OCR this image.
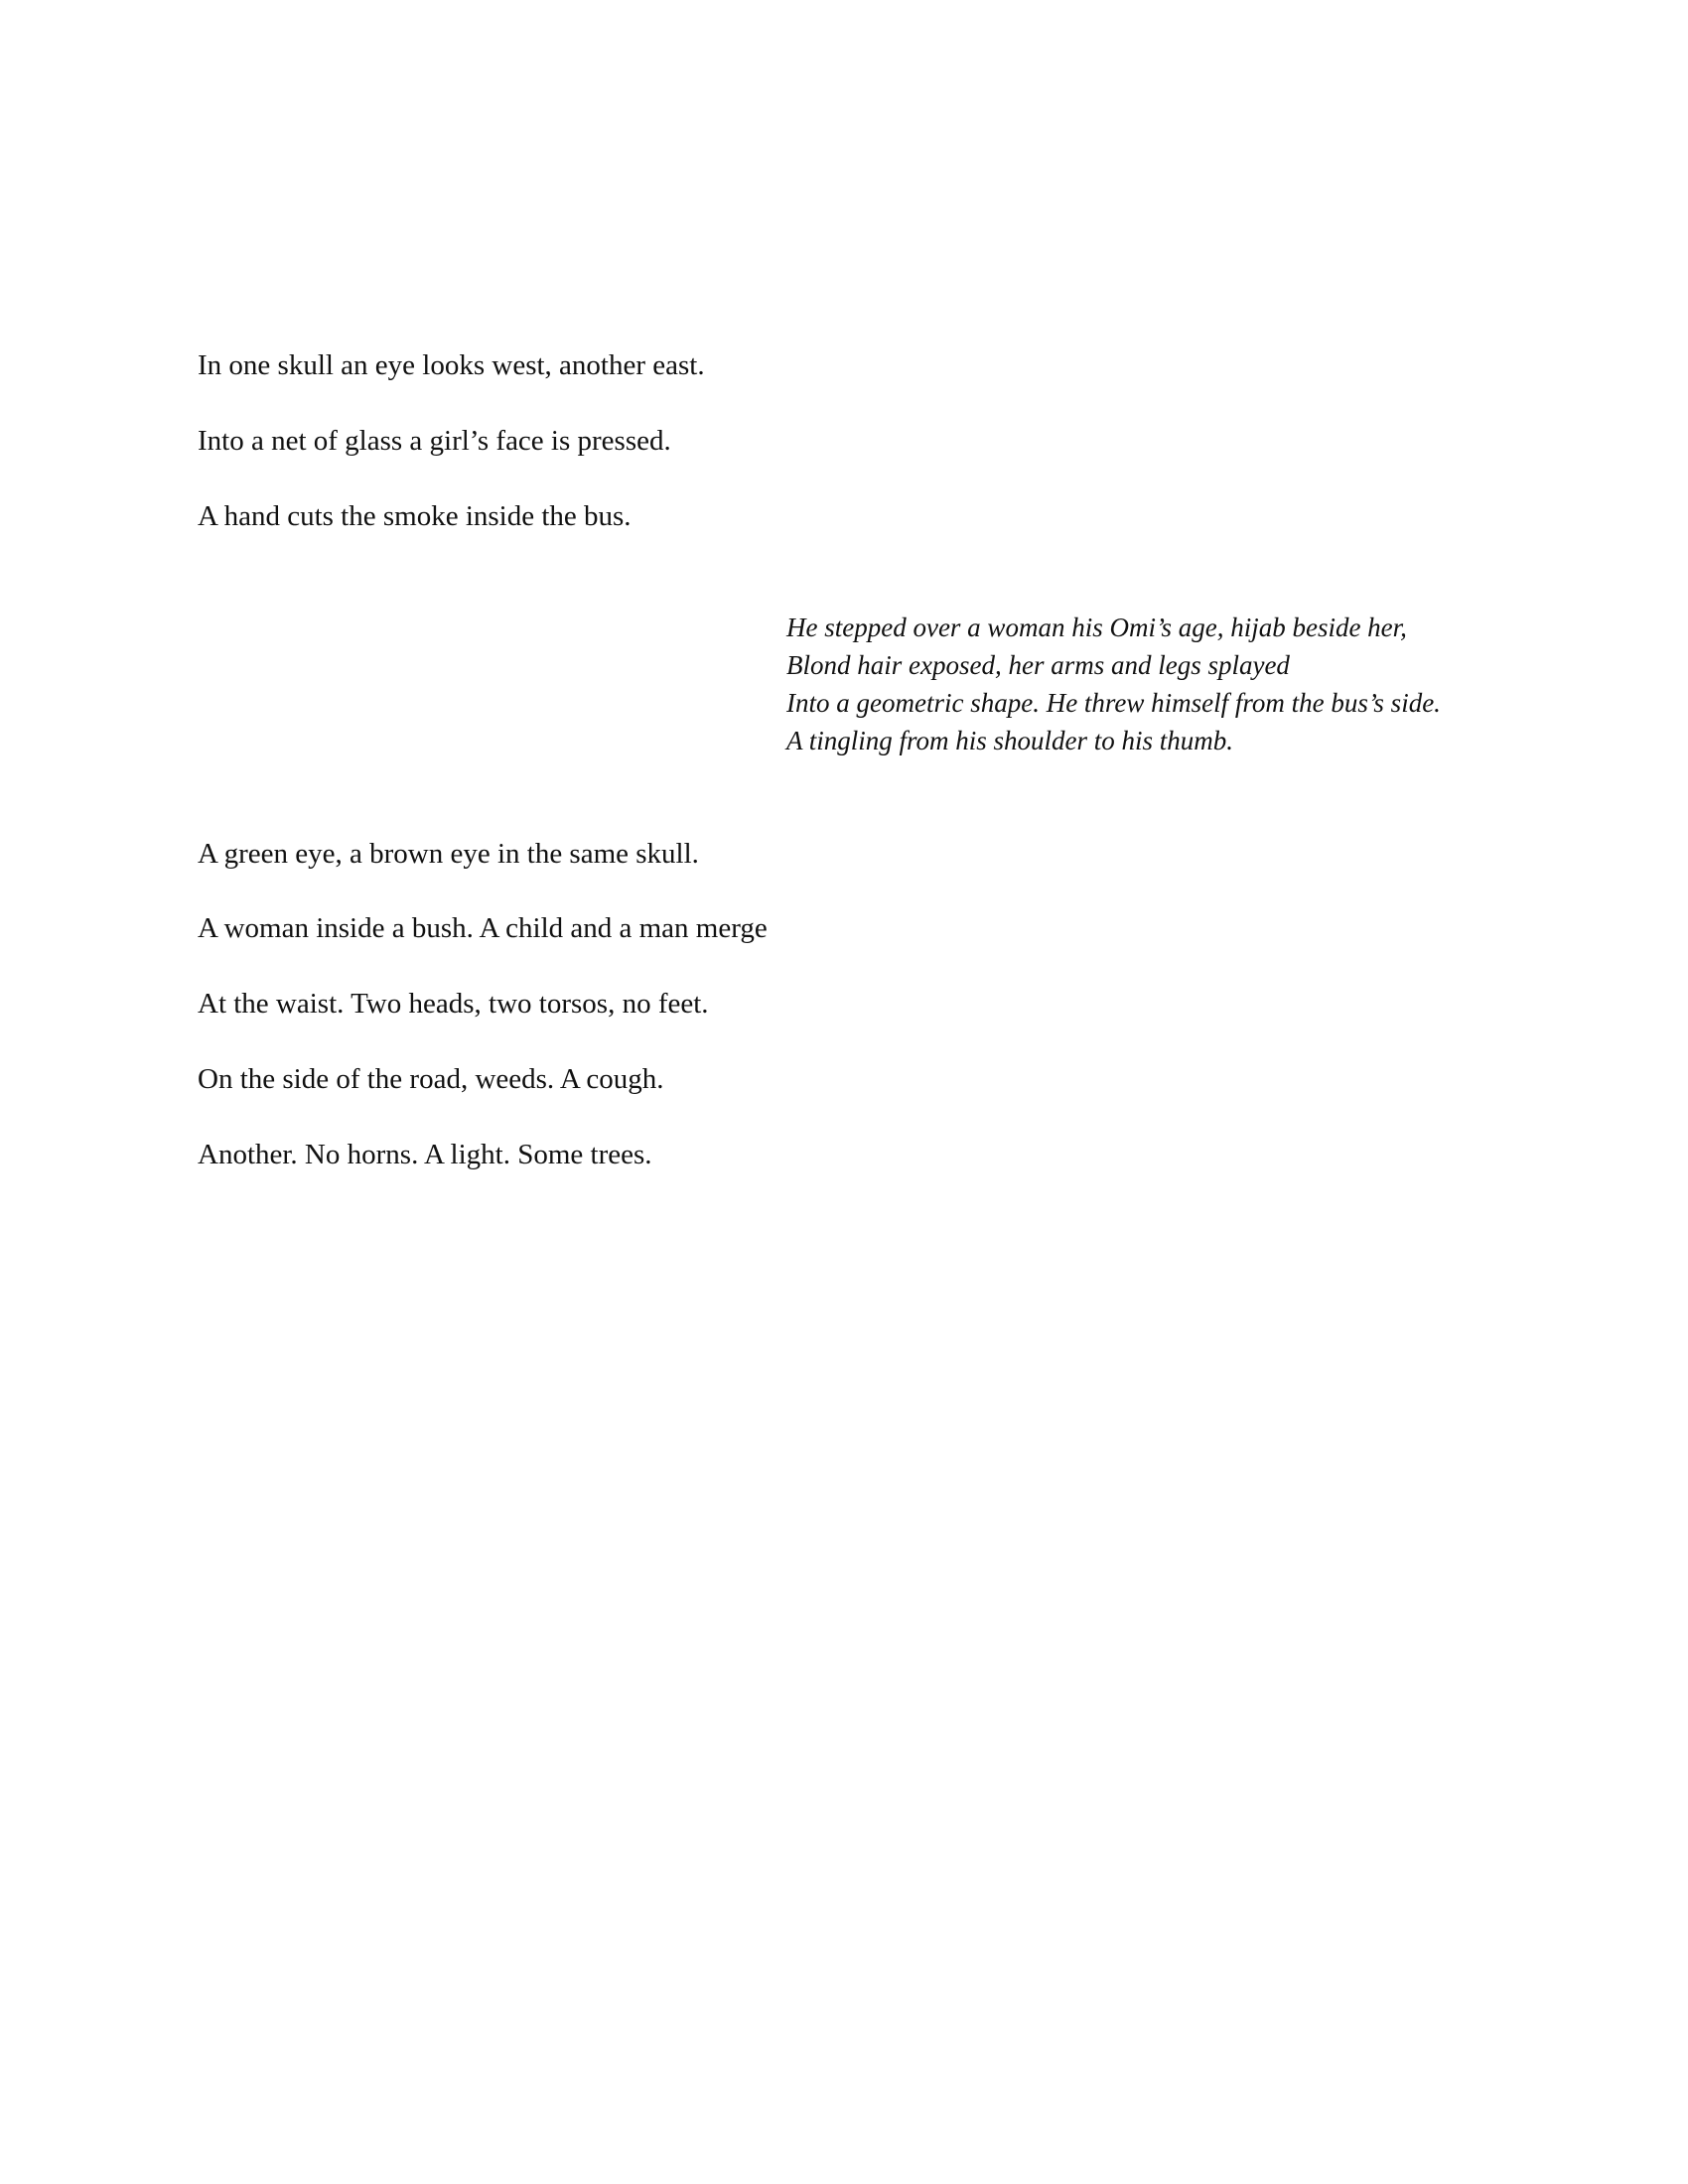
In one skull an eye looks west, another east.

Into a net of glass a girl’s face is pressed.

A hand cuts the smoke inside the bus.

He stepped over a woman his Omi’s age, hijab beside her,
Blond hair exposed, her arms and legs splayed
Into a geometric shape. He threw himself from the bus’s side.
A tingling from his shoulder to his thumb.

A green eye, a brown eye in the same skull.

A woman inside a bush. A child and a man merge

At the waist. Two heads, two torsos, no feet.

On the side of the road, weeds. A cough.

Another. No horns. A light. Some trees.
